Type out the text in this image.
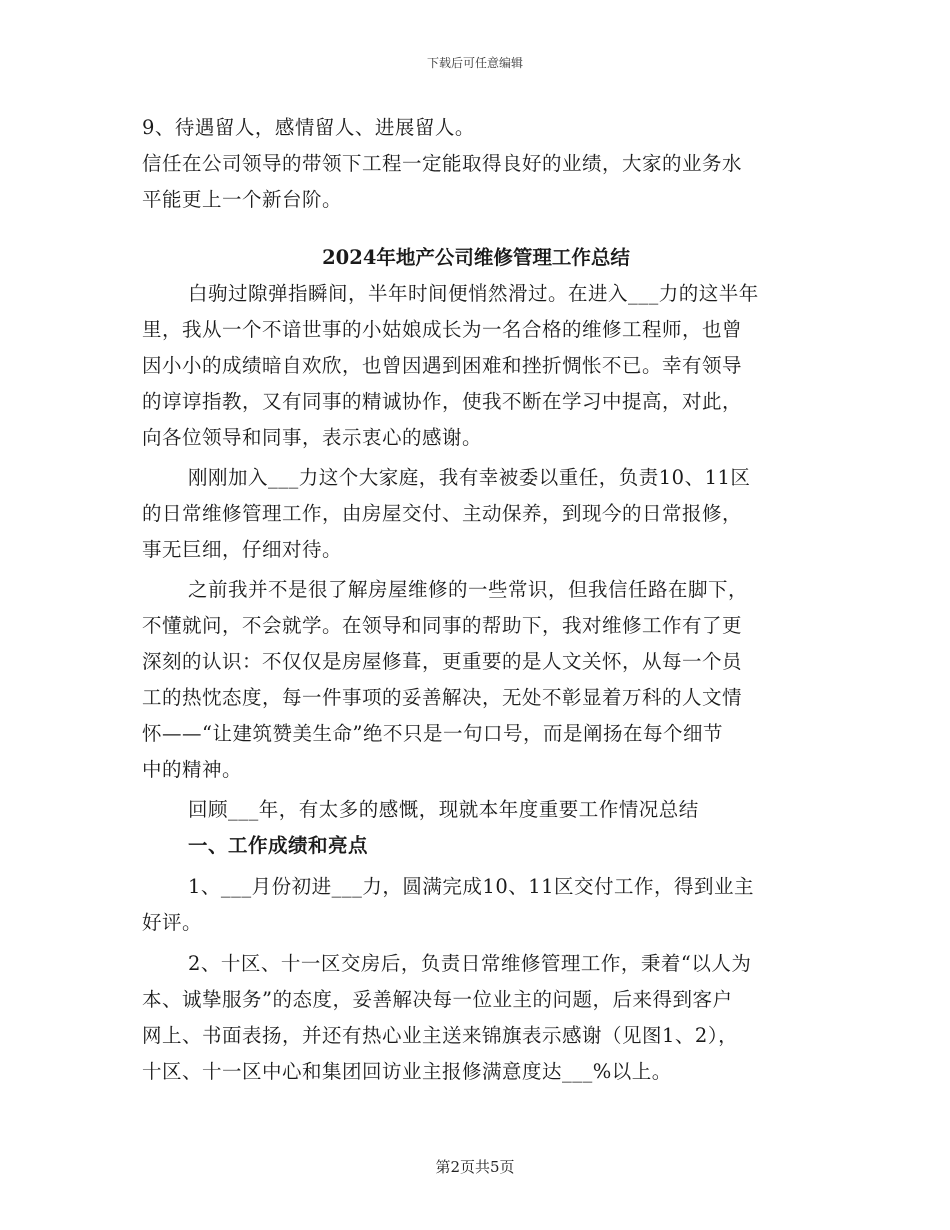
下载后可任意编辑
9、待遇留人，感情留人、进展留人。
信任在公司领导的带领下工程一定能取得良好的业绩，大家的业务水
平能更上一个新台阶。
2024年地产公司维修管理工作总结
白驹过隙弹指瞬间，半年时间便悄然滑过。在进入___力的这半年
里，我从一个不谙世事的小姑娘成长为一名合格的维修工程师，也曾
因小小的成绩暗自欢欣，也曾因遇到困难和挫折惆怅不已。幸有领导
的谆谆指教，又有同事的精诚协作，使我不断在学习中提高，对此，
向各位领导和同事，表示衷心的感谢。
刚刚加入___力这个大家庭，我有幸被委以重任，负责10、11区
的日常维修管理工作，由房屋交付、主动保养，到现今的日常报修，
事无巨细，仔细对待。
之前我并不是很了解房屋维修的一些常识，但我信任路在脚下，
不懂就问，不会就学。在领导和同事的帮助下，我对维修工作有了更
深刻的认识：不仅仅是房屋修葺，更重要的是人文关怀，从每一个员
工的热忱态度，每一件事项的妥善解决，无处不彰显着万科的人文情
怀——“让建筑赞美生命”绝不只是一句口号，而是阐扬在每个细节
中的精神。
回顾___年，有太多的感慨，现就本年度重要工作情况总结
一、工作成绩和亮点
1、___月份初进___力，圆满完成10、11区交付工作，得到业主
好评。
2、十区、十一区交房后，负责日常维修管理工作，秉着“以人为
本、诚挚服务”的态度，妥善解决每一位业主的问题，后来得到客户
网上、书面表扬，并还有热心业主送来锦旗表示感谢（见图1、2），
十区、十一区中心和集团回访业主报修满意度达___%以上。
第2页共5页
